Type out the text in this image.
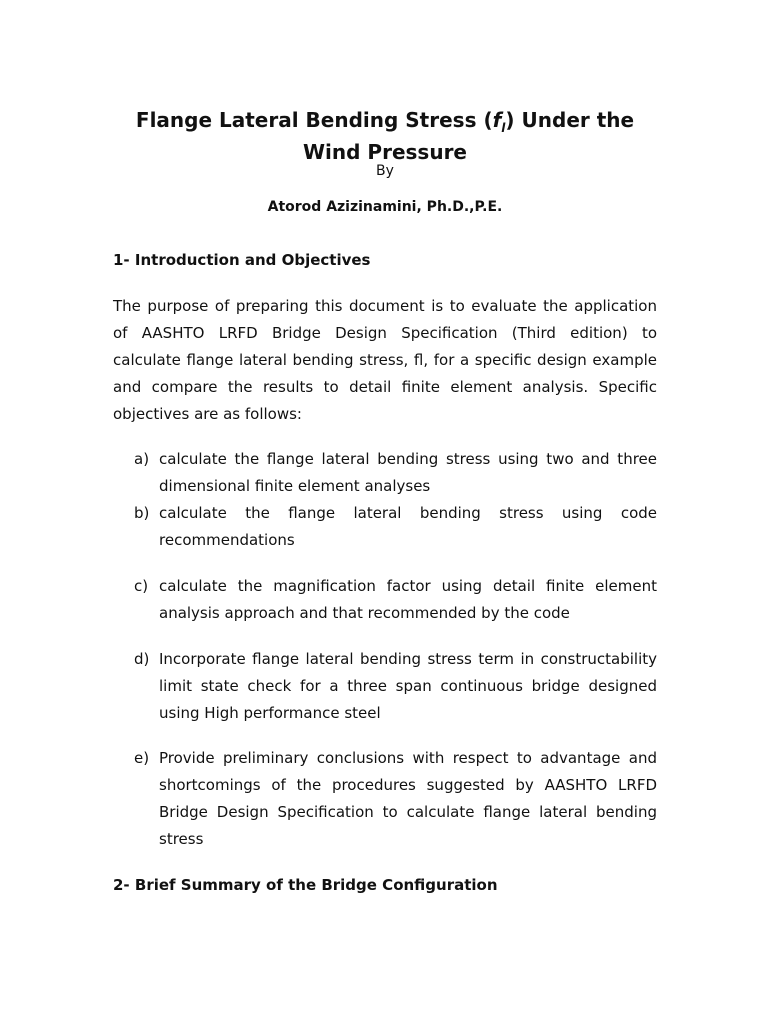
Flange Lateral Bending Stress $(f_l)$ Under the
Wind Pressure
By
Atorod Azizinamini, Ph.D.,P.E.
1- Introduction and Objectives
The purpose of preparing this document is to evaluate the application
of AASHTO LRFD Bridge Design Specification (Third edition) to
calculate flange lateral bending stress, fl, for a specific design example
and compare the results to detail finite element analysis. Specific
objectives are as follows:
a) calculate the flange lateral bending stress using two and three
dimensional finite element analyses
b) calculate the flange lateral bending stress using code
recommendations
c) calculate the magnification factor using detail finite element
analysis approach and that recommended by the code
d) Incorporate flange lateral bending stress term in constructability
limit state check for a three span continuous bridge designed
using High performance steel
e) Provide preliminary conclusions with respect to advantage and
shortcomings of the procedures suggested by AASHTO LRFD
Bridge Design Specification to calculate flange lateral bending
stress
2- Brief Summary of the Bridge Configuration
